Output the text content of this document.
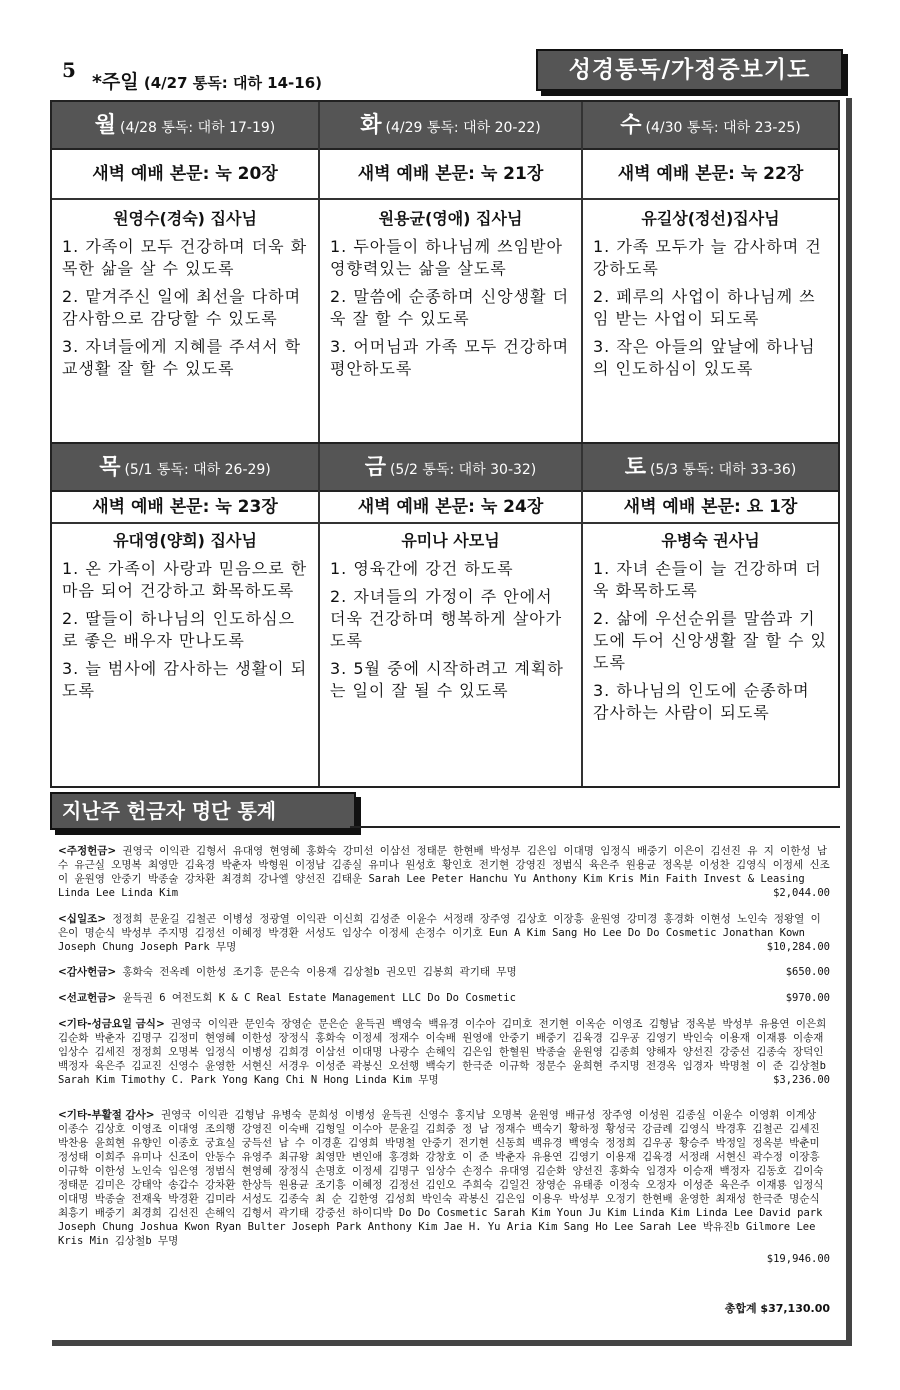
5 *주일 (4/27 통독: 대하 14-16)	성경통독/가정중보기도
월 (4/28 통독: 대하 17-19)
새벽 예배 본문: 눅 20장
원영수(경숙) 집사님

1. 가족이 모두 건강하며 더욱 화목한 삶을 살 수 있도록

2. 맡겨주신 일에 최선을 다하며 감사함으로 감당할 수 있도록

3. 자녀들에게 지혜를 주셔서 학교생활 잘 할 수 있도록

화 (4/29 통독: 대하 20-22)
새벽 예배 본문: 눅 21장
원용균(영애) 집사님

1. 두아들이 하나님께 쓰임받아 영향력있는 삶을 살도록

2. 말씀에 순종하며 신앙생활 더욱 잘 할 수 있도록

3. 어머님과 가족 모두 건강하며 평안하도록

수 (4/30 통독: 대하 23-25)
새벽 예배 본문: 눅 22장
유길상(정선)집사님

1. 가족 모두가 늘 감사하며 건강하도록

2. 페루의 사업이 하나님께 쓰임 받는 사업이 되도록

3. 작은 아들의 앞날에 하나님의 인도하심이 있도록

목 (5/1 통독: 대하 26-29)
새벽 예배 본문: 눅 23장
유대영(양희) 집사님

1. 온 가족이 사랑과 믿음으로 한마음 되어 건강하고 화목하도록

2. 딸들이 하나님의 인도하심으로 좋은 배우자 만나도록

3. 늘 범사에 감사하는 생활이 되도록

금 (5/2 통독: 대하 30-32)
새벽 예배 본문: 눅 24장
유미나 사모님

1. 영육간에 강건 하도록

2. 자녀들의 가정이 주 안에서 더욱 건강하며 행복하게 살아가도록

3. 5월 중에 시작하려고 계획하는 일이 잘 될 수 있도록

토 (5/3 통독: 대하 33-36)
새벽 예배 본문: 요 1장
유병숙 권사님

1. 자녀 손들이 늘 건강하며 더욱 화목하도록

2. 삶에 우선순위를 말씀과 기도에 두어 신앙생활 잘 할 수 있도록

3. 하나님의 인도에 순종하며 감사하는 사람이 되도록

지난주 헌금자 명단 통계
<주정헌금> 권영국 이익관 김형서 유대영 현영혜 홍화숙 강미선 이삼선 정태문 한현배 박성부 김은임 이대명 임정식 배중기 이은이 김선진 유 지 이한성 남 수 유근실 오명복 최영만 김육경 박춘자 박형원 이정남 김종실 유미나 원성호 황인호 전기현 강영진 정범식 육은주 원용균 정옥분 이성찬 김영식 이정세 신조이 윤원영 안중기 박종술 강차환 최경희 강나엘 양선진 김태운 Sarah Lee Peter Hanchu Yu Anthony Kim Kris Min Faith Invest & Leasing Linda Lee Linda Kim	$2,044.00
<십일조> 정정희 문윤길 김철곤 이병성 정광열 이익관 이신희 김성준 이윤수 서정래 장주영 김상호 이장흥 윤원영 강미경 홍경화 이현성 노인숙 정왕열 이은이 명순식 박성부 주지명 김정선 이혜정 박경환 서성도 임상수 이정세 손정수 이기호 Eun A Kim Sang Ho Lee Do Do Cosmetic Jonathan Kown Joseph Chung Joseph Park 무명	$10,284.00
<감사헌금> 홍화숙 전옥례 이한성 조기흥 문은숙 이용재 김상철b 권오민 김봉희 곽기태 무명	$650.00
<선교헌금> 윤득권 6 여전도회 K & C Real Estate Management LLC Do Do Cosmetic	$970.00
<기타-성금요일 금식> 권영국 이익관 문인숙 장영순 문은순 윤득권 백영숙 백유경 이수아 김미호 전기현 이옥순 이영조 김형남 정옥분 박성부 유용연 이은희 김순화 박춘자 김명구 김정미 현영혜 이한성 장정식 홍화숙 이정세 정재수 이숙배 원영애 안중기 배중기 김육경 김우공 김영기 박인숙 이용재 이재룡 이송재 임상수 김세진 정정희 오명복 임정식 이병성 김희경 이삼선 이대명 나광수 손해익 김은임 한혈원 박종술 윤원영 김종희 양해자 양선진 강중선 김종숙 장덕인 백정자 육은주 김교진 신영수 윤영한 서현신 서경우 이성준 곽봉신 오선행 백숙기 한극준 이규학 정문수 윤희현 주지명 전경옥 임경자 박명철 이 준 김상철b Sarah Kim Timothy C. Park Yong Kang Chi N Hong Linda Kim 무명	$3,236.00
<기타-부활절 감사> 권영국 이익관 김형남 유병숙 문희성 이병성 윤득권 신영수 홍지남 오명복 윤원영 배규성 장주영 이성원 김종실 이윤수 이영휘 이계상 이종수 김상호 이영조 이대영 조의행 강영진 이숙배 김형일 이수아 문윤길 김희중 정 남 정재수 백숙기 황하정 황성국 강금례 김영식 박경후 김철곤 김세진 박찬용 윤희현 유향인 이종호 궁효실 궁득선 남 수 이경훈 김영희 박명철 안중기 전기현 신동희 백유경 백영숙 정정희 김우공 황승주 박정일 정옥분 박춘미 정성태 이희주 유미나 신조이 안동수 유영주 최규왕 최영만 변인애 홍경화 강창호 이 준 박춘자 유용연 김영기 이용재 김육경 서정래 서현신 곽수정 이장흥 이규학 이한성 노인숙 임은영 정범식 현영혜 장정식 손명호 이정세 김명구 임상수 손정수 유대영 김순화 양선진 홍화숙 임경자 이승재 백정자 김동호 김이숙 정태문 김미은 강태악 송갑수 강차환 한상득 원용균 조기흥 이혜정 김정선 김인오 주희숙 김일건 장영순 유태종 이정숙 오정자 이성준 육은주 이재룡 임정식 이대명 박종술 전재욱 박경환 김미라 서성도 김종숙 최 순 김한영 김성희 박인숙 곽봉신 김은임 이용우 박성부 오정기 한현배 윤영한 최재성 한극준 명순식 최흥기 배중기 최경희 김선진 손해익 김형서 곽기태 강중선 하이디박 Do Do Cosmetic Sarah Kim Youn Ju Kim Linda Kim Linda Lee David park Joseph Chung Joshua Kwon Ryan Bulter Joseph Park Anthony Kim Jae H. Yu Aria Kim Sang Ho Lee Sarah Lee 박유진b Gilmore Lee Kris Min 김상철b 무명
$19,946.00
총합계 $37,130.00
